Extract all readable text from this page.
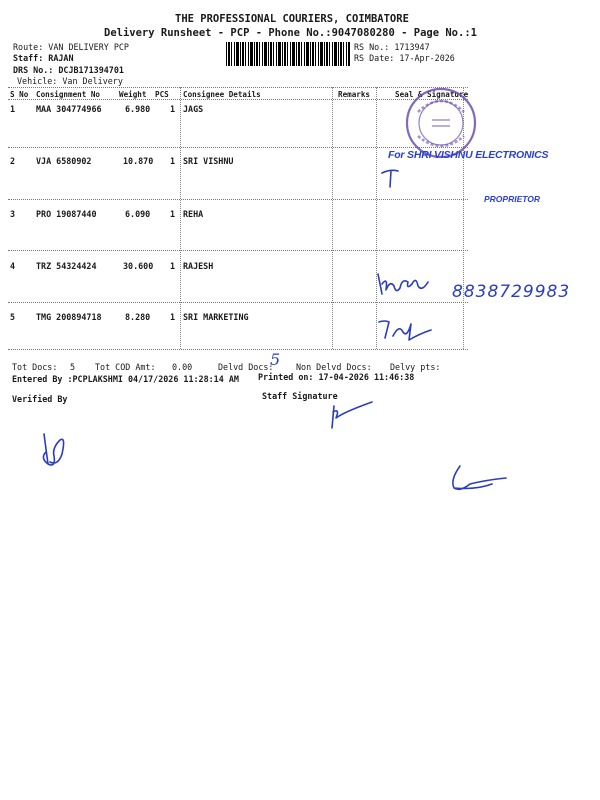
THE PROFESSIONAL COURIERS, COIMBATORE
Delivery Runsheet - PCP - Phone No.:9047080280 - Page No.:1
Route: VAN DELIVERY PCP
Staff: RAJAN
DRS No.: DCJB171394701
Vehicle: Van Delivery
RS No.: 1713947
RS Date: 17-Apr-2026
S No Consignment No Weight PCS Consignee Details	Remarks	Seal & Signature
1 MAA 304774966	6.980 1 JAGS
2 VJA 6580902	10.870 1 SRI VISHNU
3 PRO 19087440	6.090 1 REHA
4 TRZ 54324424	30.600 1 RAJESH
5 TMG 200894718	8.280 1 SRI MARKETING
For SHRI VISHNU ELECTRONICS
PROPRIETOR
8838729983
Tot Docs: 5 Tot COD Amt: 0.00	Delvd Docs:
5 Non Delvd Docs: Delvy pts:
Entered By :PCPLAKSHMI 04/17/2026 11:28:14 AM Printed on: 17-04-2026 11:46:38
Verified By	Staff Signature
